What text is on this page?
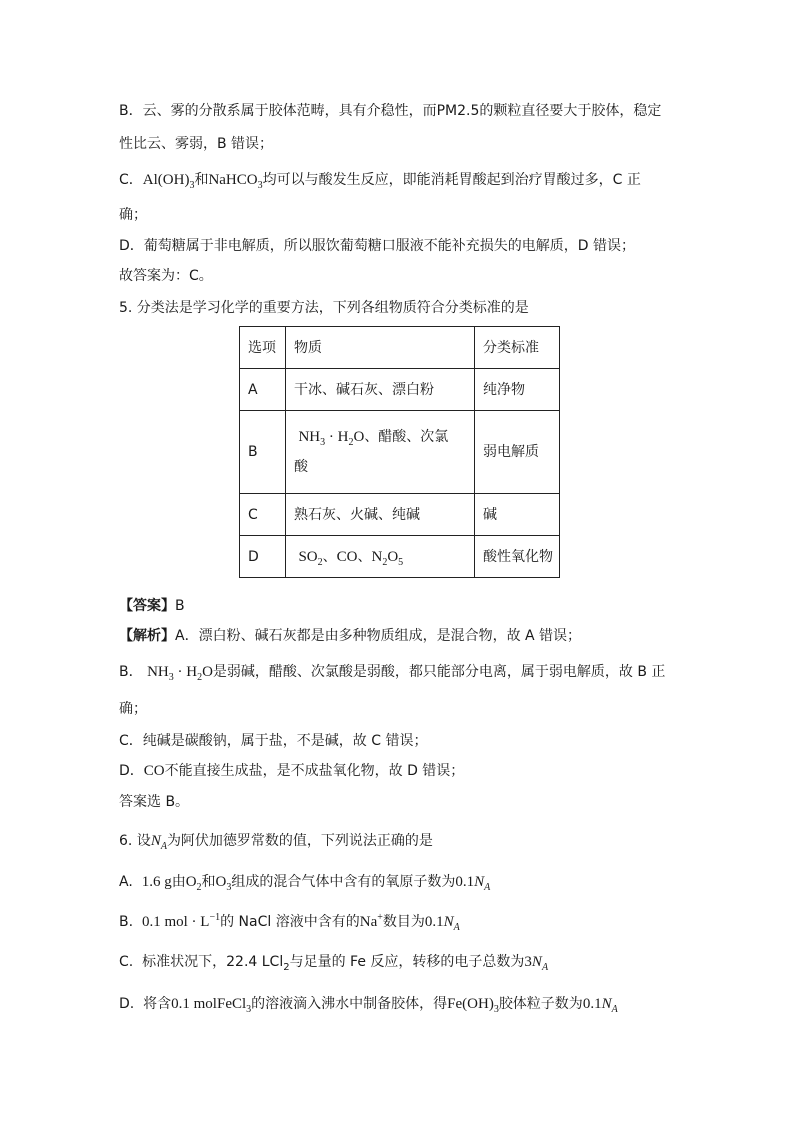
B．云、雾的分散系属于胶体范畴，具有介稳性，而PM2.5的颗粒直径要大于胶体，稳定
性比云、雾弱，B 错误；
C．$Al(OH)_3$和NaHCO$_3$均可以与酸发生反应，即能消耗胃酸起到治疗胃酸过多，C 正
确；
D．葡萄糖属于非电解质，所以服饮葡萄糖口服液不能补充损失的电解质，D 错误；
故答案为：C。
5. 分类法是学习化学的重要方法，下列各组物质符合分类标准的是
选项	物质	分类标准
A	干冰、碱石灰、漂白粉	纯净物
B	$NH_3 \cdot H_2O$、醋酸、次氯
酸	弱电解质
C	熟石灰、火碱、纯碱	碱
D	$SO_2$、CO、$N_2O_5$	酸性氧化物
【答案】B
【解析】A．漂白粉、碱石灰都是由多种物质组成，是混合物，故 A 错误；
B． $NH_3 \cdot H_2O$是弱碱，醋酸、次氯酸是弱酸，都只能部分电离，属于弱电解质，故 B 正
确；
C．纯碱是碳酸钠，属于盐，不是碱，故 C 错误；
D．CO不能直接生成盐，是不成盐氧化物，故 D 错误；
答案选 B。
6. 设$N_A$为阿伏加德罗常数的值，下列说法正确的是
A. 1.6 g由$O_2$和$O_3$组成的混合气体中含有的氧原子数为$0.1N_A$
B. 0.1 mol · $L^{-1}$的 NaCl 溶液中含有的Na+数目为$0.1N_A$
C. 标准状况下，22.4 LCl$_2$与足量的 Fe 反应，转移的电子总数为$3N_A$
D. 将含0.1 molFeCl$_3$的溶液滴入沸水中制备胶体，得$Fe(OH)_3$胶体粒子数为$0.1N_A$
